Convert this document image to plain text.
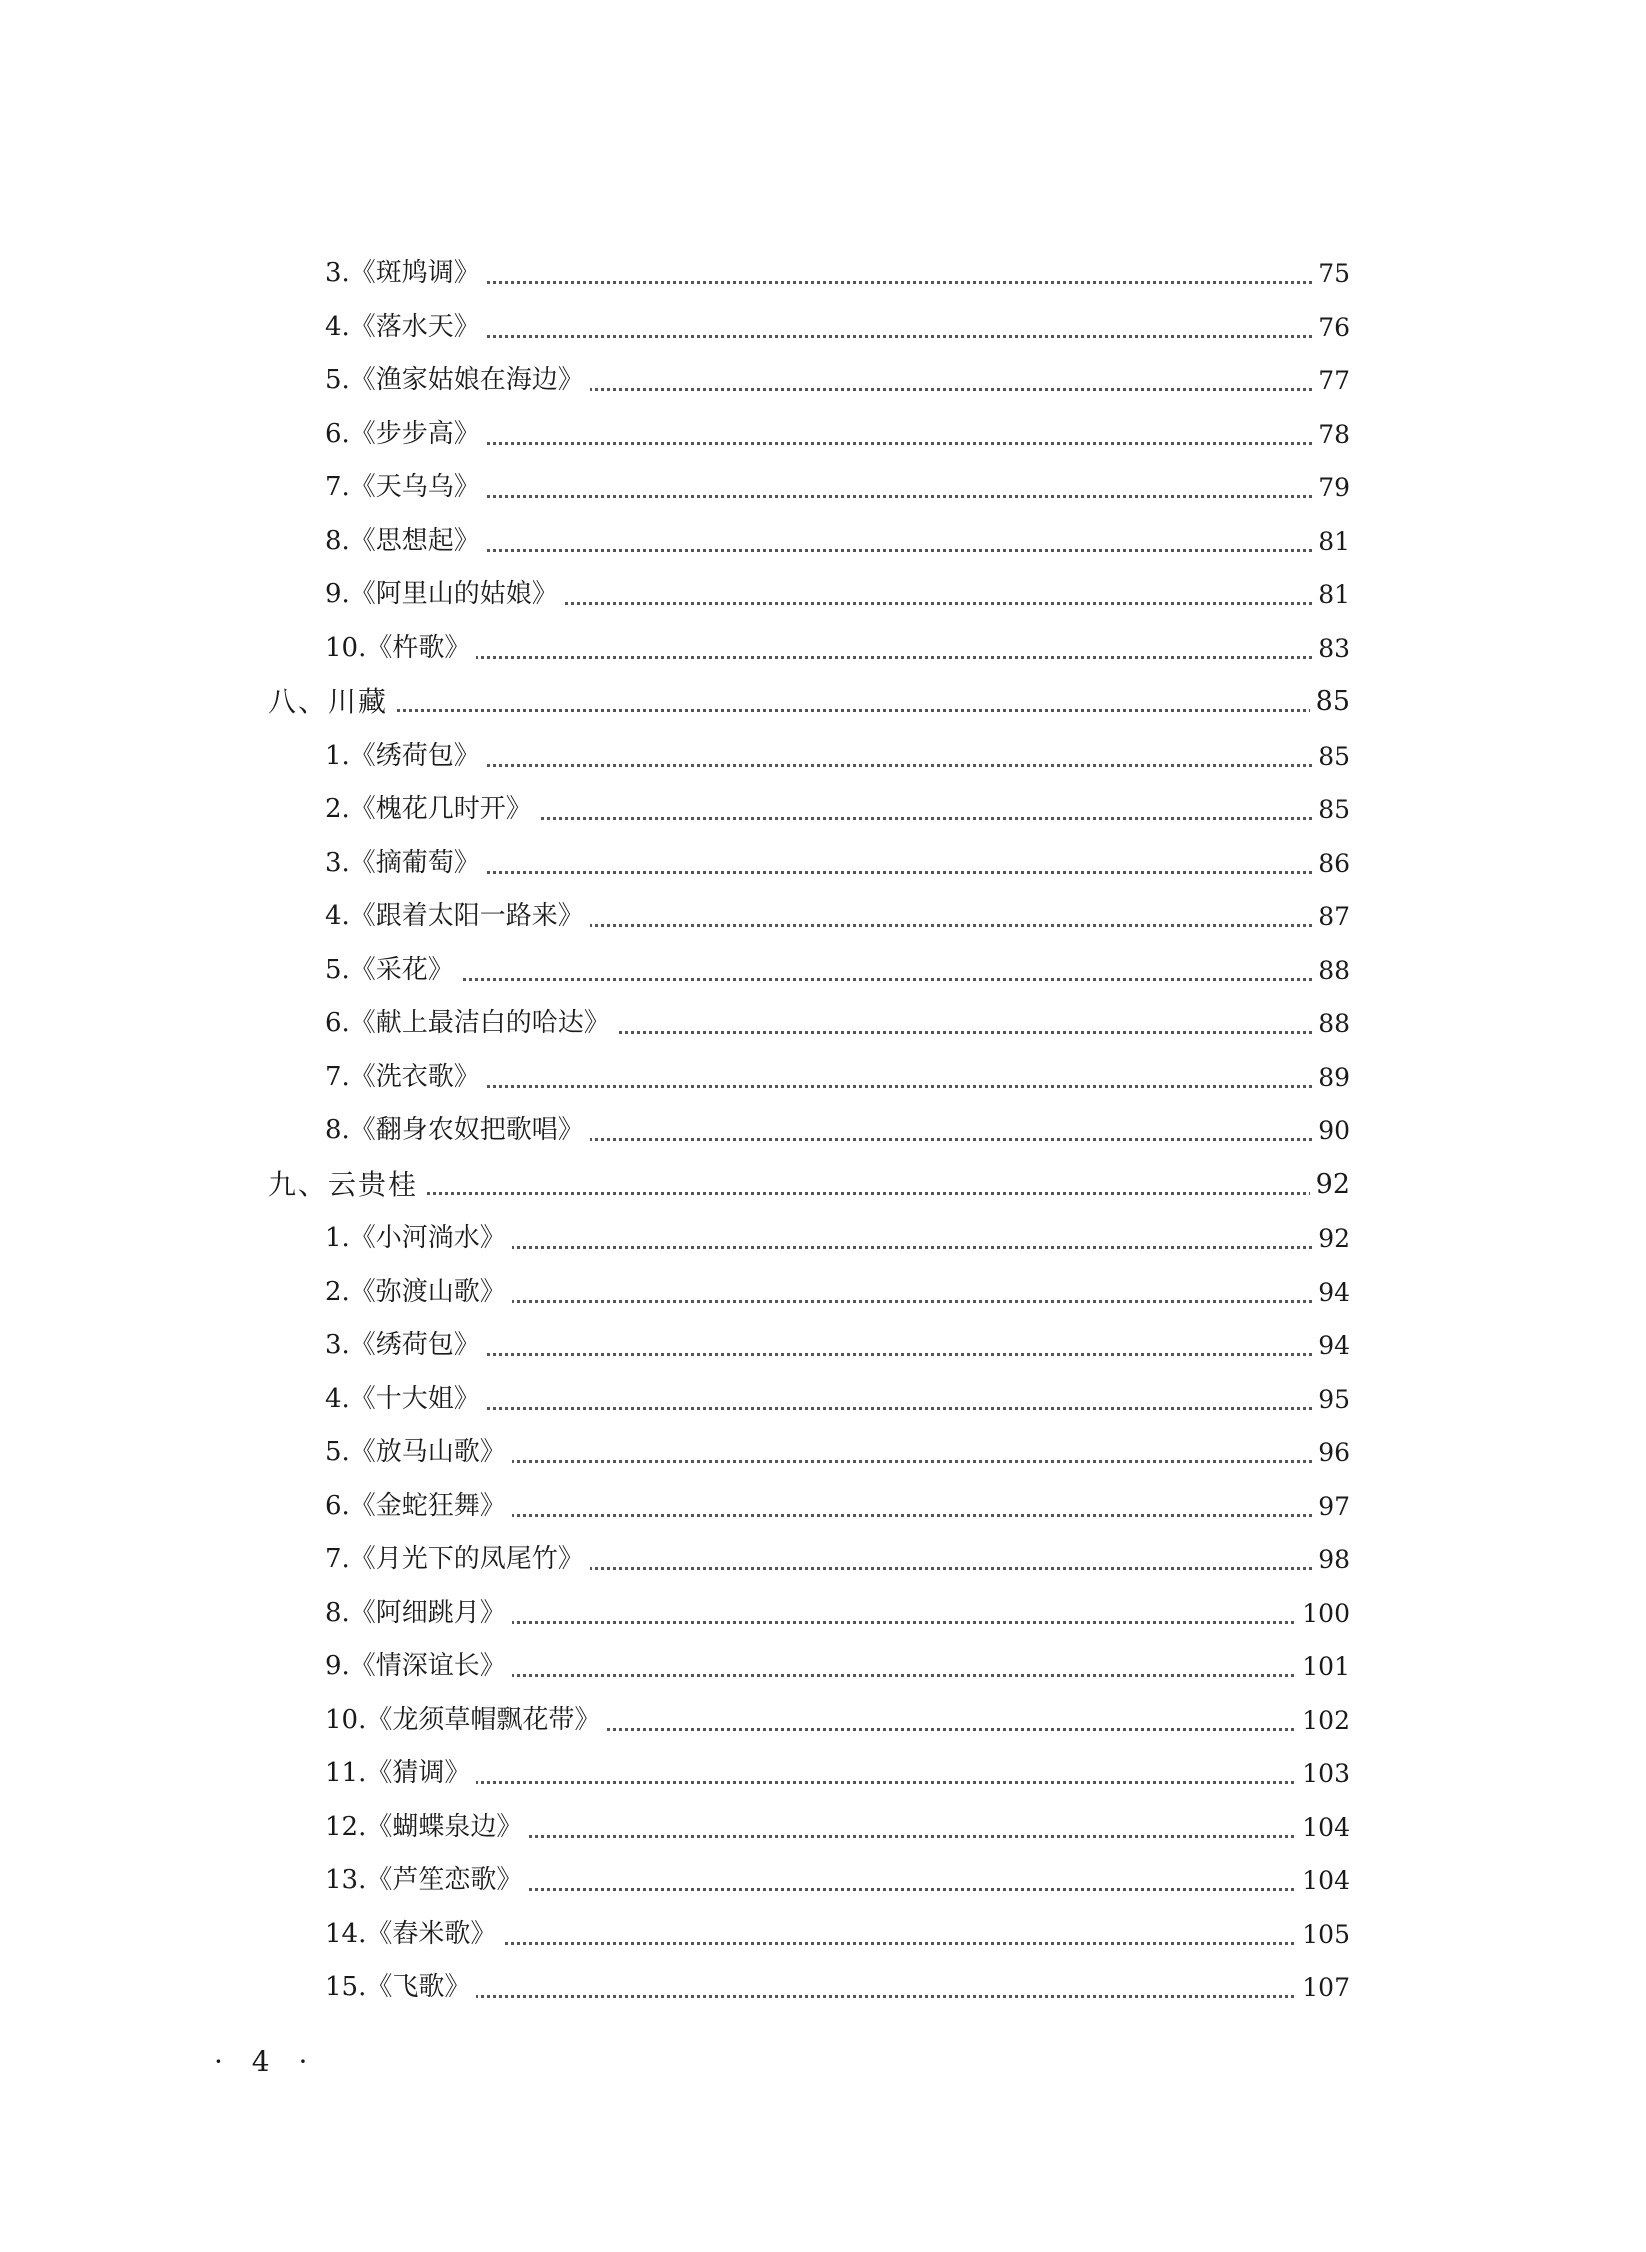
3.《斑鸠调》	75
4.《落水天》	76
5.《渔家姑娘在海边》	77
6.《步步高》	78
7.《天乌乌》	79
8.《思想起》	81
9.《阿里山的姑娘》	81
10.《杵歌》	83
八、川藏	85
1.《绣荷包》	85
2.《槐花几时开》	85
3.《摘葡萄》	86
4.《跟着太阳一路来》	87
5.《采花》	88
6.《献上最洁白的哈达》	88
7.《洗衣歌》	89
8.《翻身农奴把歌唱》	90
九、云贵桂	92
1.《小河淌水》	92
2.《弥渡山歌》	94
3.《绣荷包》	94
4.《十大姐》	95
5.《放马山歌》	96
6.《金蛇狂舞》	97
7.《月光下的凤尾竹》	98
8.《阿细跳月》	100
9.《情深谊长》	101
10.《龙须草帽飘花带》	102
11.《猜调》	103
12.《蝴蝶泉边》	104
13.《芦笙恋歌》	104
14.《舂米歌》	105
15.《飞歌》	107
· 4 ·
